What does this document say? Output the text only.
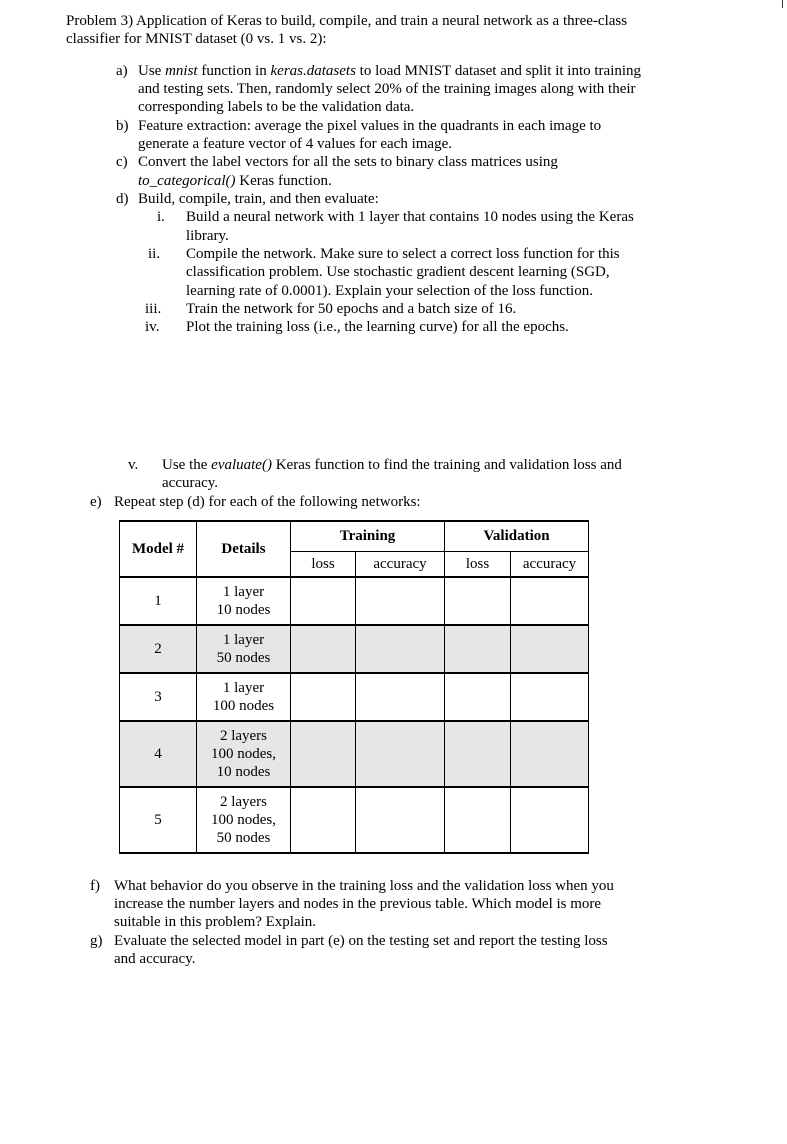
Problem 3) Application of Keras to build, compile, and train a neural network as a three-class
classifier for MNIST dataset (0 vs. 1 vs. 2):
a) Use mnist function in keras.datasets to load MNIST dataset and split it into training
and testing sets. Then, randomly select 20% of the training images along with their
corresponding labels to be the validation data.
b) Feature extraction: average the pixel values in the quadrants in each image to
generate a feature vector of 4 values for each image.
c) Convert the label vectors for all the sets to binary class matrices using
to_categorical() Keras function.
d) Build, compile, train, and then evaluate:
i. Build a neural network with 1 layer that contains 10 nodes using the Keras
library.
ii. Compile the network. Make sure to select a correct loss function for this
classification problem. Use stochastic gradient descent learning (SGD,
learning rate of 0.0001). Explain your selection of the loss function.
iii. Train the network for 50 epochs and a batch size of 16.
iv. Plot the training loss (i.e., the learning curve) for all the epochs.
v. Use the evaluate() Keras function to find the training and validation loss and
accuracy.
e) Repeat step (d) for each of the following networks:
Model #	Details	Training		Validation	
		loss	accuracy	loss	accuracy
1	1 layer
10 nodes				

2	1 layer
50 nodes				

3	1 layer
100 nodes				

4	2 layers
100 nodes,
10 nodes				

5	2 layers
100 nodes,
50 nodes				

f) What behavior do you observe in the training loss and the validation loss when you
increase the number layers and nodes in the previous table. Which model is more
suitable in this problem? Explain.
g) Evaluate the selected model in part (e) on the testing set and report the testing loss
and accuracy.
